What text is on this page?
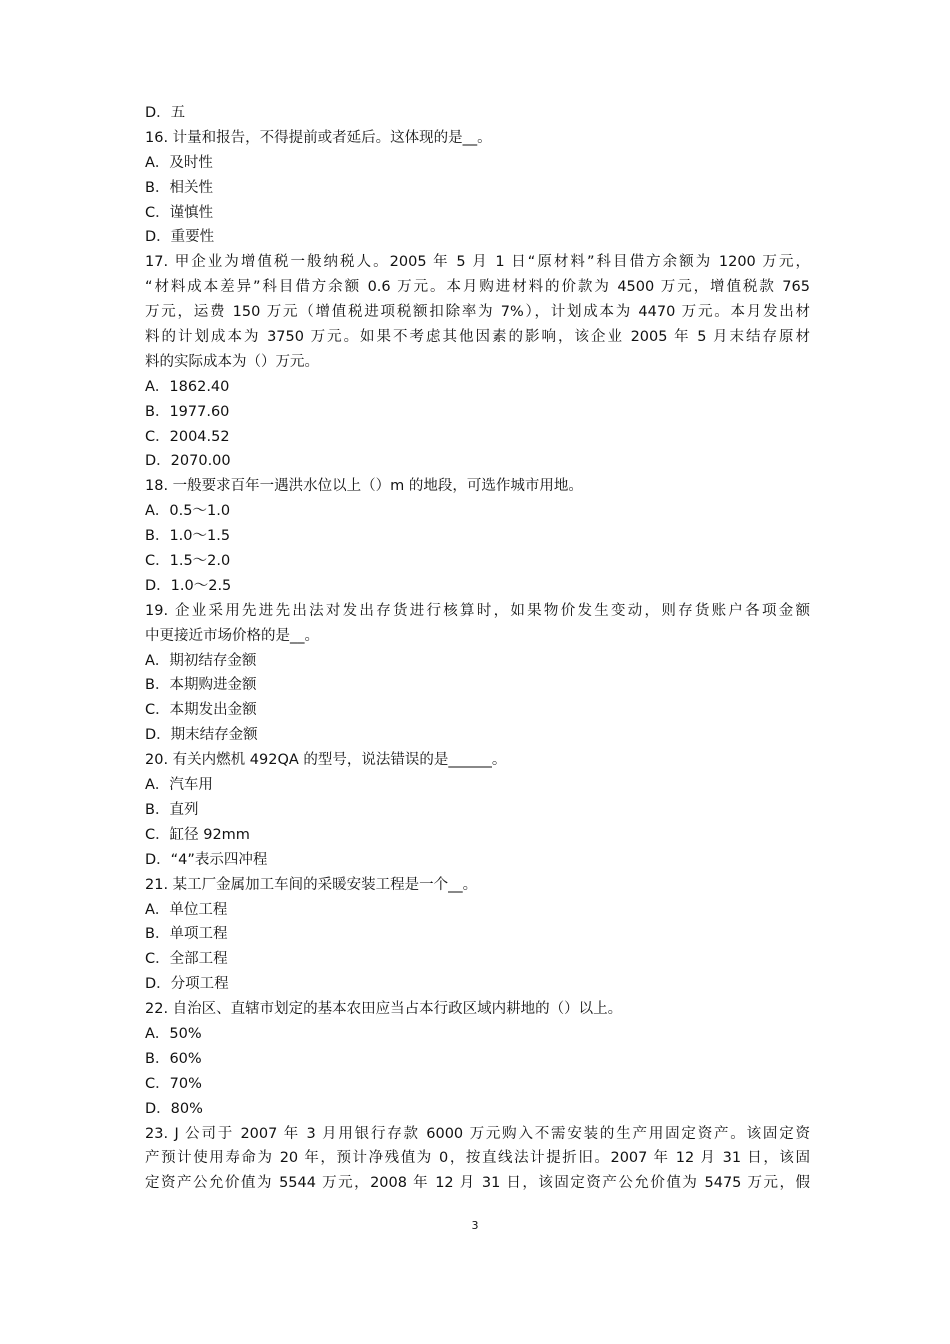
D．五
16. 计量和报告，不得提前或者延后。这体现的是__。
A．及时性
B．相关性
C．谨慎性
D．重要性
17. 甲企业为增值税一般纳税人。2005 年 5 月 1 日“原材料”科目借方余额为 1200 万元，
“材料成本差异”科目借方余额 0.6 万元。本月购进材料的价款为 4500 万元，增值税款 765
万元，运费 150 万元（增值税进项税额扣除率为 7%），计划成本为 4470 万元。本月发出材
料的计划成本为 3750 万元。如果不考虑其他因素的影响，该企业 2005 年 5 月末结存原材
料的实际成本为（）万元。
A．1862.40
B．1977.60
C．2004.52
D．2070.00
18. 一般要求百年一遇洪水位以上（）m 的地段，可选作城市用地。
A．0.5～1.0
B．1.0～1.5
C．1.5～2.0
D．1.0～2.5
19. 企业采用先进先出法对发出存货进行核算时，如果物价发生变动，则存货账户各项金额
中更接近市场价格的是__。
A．期初结存金额
B．本期购进金额
C．本期发出金额
D．期末结存金额
20. 有关内燃机 492QA 的型号，说法错误的是______。
A．汽车用
B．直列
C．缸径 92mm
D．“4”表示四冲程
21. 某工厂金属加工车间的采暖安装工程是一个__。
A．单位工程
B．单项工程
C．全部工程
D．分项工程
22. 自治区、直辖市划定的基本农田应当占本行政区域内耕地的（）以上。
A．50%
B．60%
C．70%
D．80%
23. J 公司于 2007 年 3 月用银行存款 6000 万元购入不需安装的生产用固定资产。该固定资
产预计使用寿命为 20 年，预计净残值为 0，按直线法计提折旧。2007 年 12 月 31 日，该固
定资产公允价值为 5544 万元，2008 年 12 月 31 日，该固定资产公允价值为 5475 万元，假
3
